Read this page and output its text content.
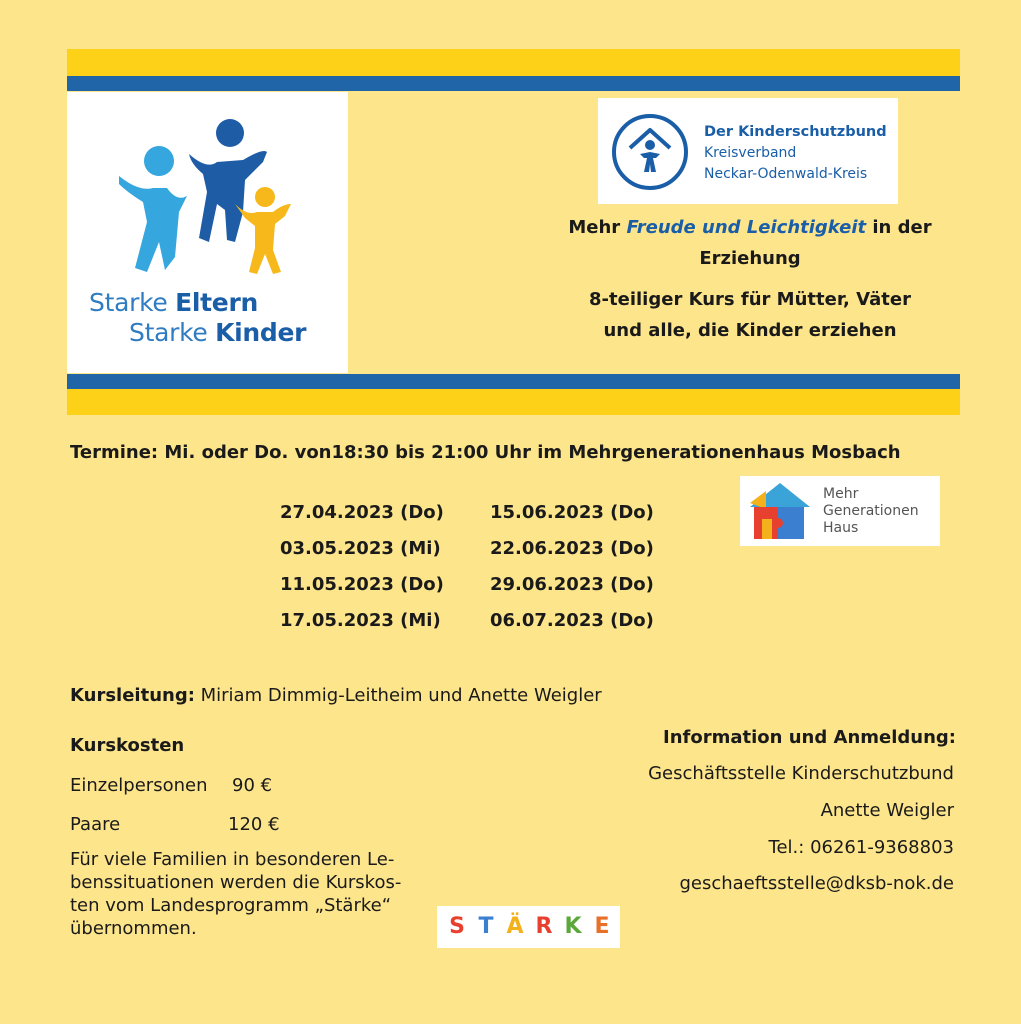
Starke Eltern
Starke Kinder
Der Kinderschutzbund
Kreisverband
Neckar-Odenwald-Kreis
Mehr Freude und Leichtigkeit in der
Erziehung
8-teiliger Kurs für Mütter, Väter
und alle, die Kinder erziehen
Termine: Mi. oder Do. von18:30 bis 21:00 Uhr im Mehrgenerationenhaus Mosbach
27.04.2023 (Do)
03.05.2023 (Mi)
11.05.2023 (Do)
17.05.2023 (Mi)
15.06.2023 (Do)
22.06.2023 (Do)
29.06.2023 (Do)
06.07.2023 (Do)
Mehr
Generationen
Haus
Kursleitung: Miriam Dimmig-Leitheim und Anette Weigler
Kurskosten
Einzelpersonen 90 €
Paare	120 €
Für viele Familien in besonderen Le-
benssituationen werden die Kurskos-
ten vom Landesprogramm „Stärke“
übernommen.	S T Ä R K E
Information und Anmeldung:
Geschäftsstelle Kinderschutzbund
Anette Weigler
Tel.: 06261-9368803
geschaeftsstelle@dksb-nok.de
